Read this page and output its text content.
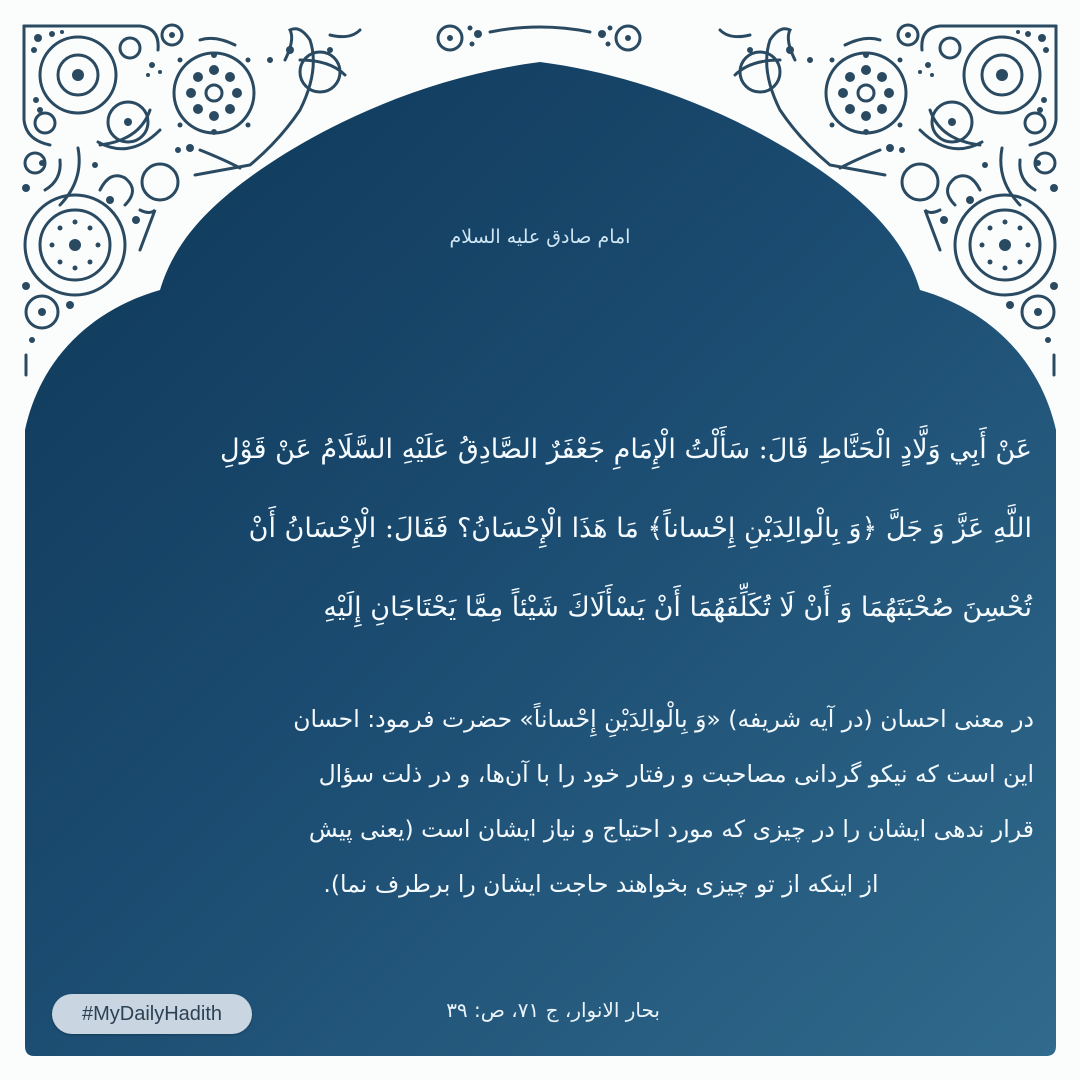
امام صادق علیه السلام
عَنْ أَبِي وَلَّادٍ الْحَنَّاطِ قَالَ: سَأَلْتُ الْإِمَامِ جَعْفَرٌ الصَّادِقُ عَلَيْهِ السَّلَامُ عَنْ قَوْلِ
اللَّهِ عَزَّ وَ جَلَّ ﴿وَ بِالْوالِدَيْنِ إِحْساناً﴾ مَا هَذَا الْإِحْسَانُ؟ فَقَالَ: الْإِحْسَانُ أَنْ
تُحْسِنَ صُحْبَتَهُمَا وَ أَنْ لَا تُكَلِّفَهُمَا أَنْ يَسْأَلَاكَ شَيْئاً مِمَّا يَحْتَاجَانِ إِلَيْهِ
در معنی احسان (در آیه شریفه) «وَ بِالْوالِدَیْنِ إِحْساناً» حضرت فرمود: احسان
این است که نیکو گردانی مصاحبت و رفتار خود را با آن‌ها، و در ذلت سؤال
قرار ندهی ایشان را در چیزی که مورد احتیاج و نیاز ایشان است (یعنی پیش
از اینکه از تو چیزی بخواهند حاجت ایشان را برطرف نما).
#MyDailyHadith	بحار الانوار، ج ۷۱، ص: ۳۹
